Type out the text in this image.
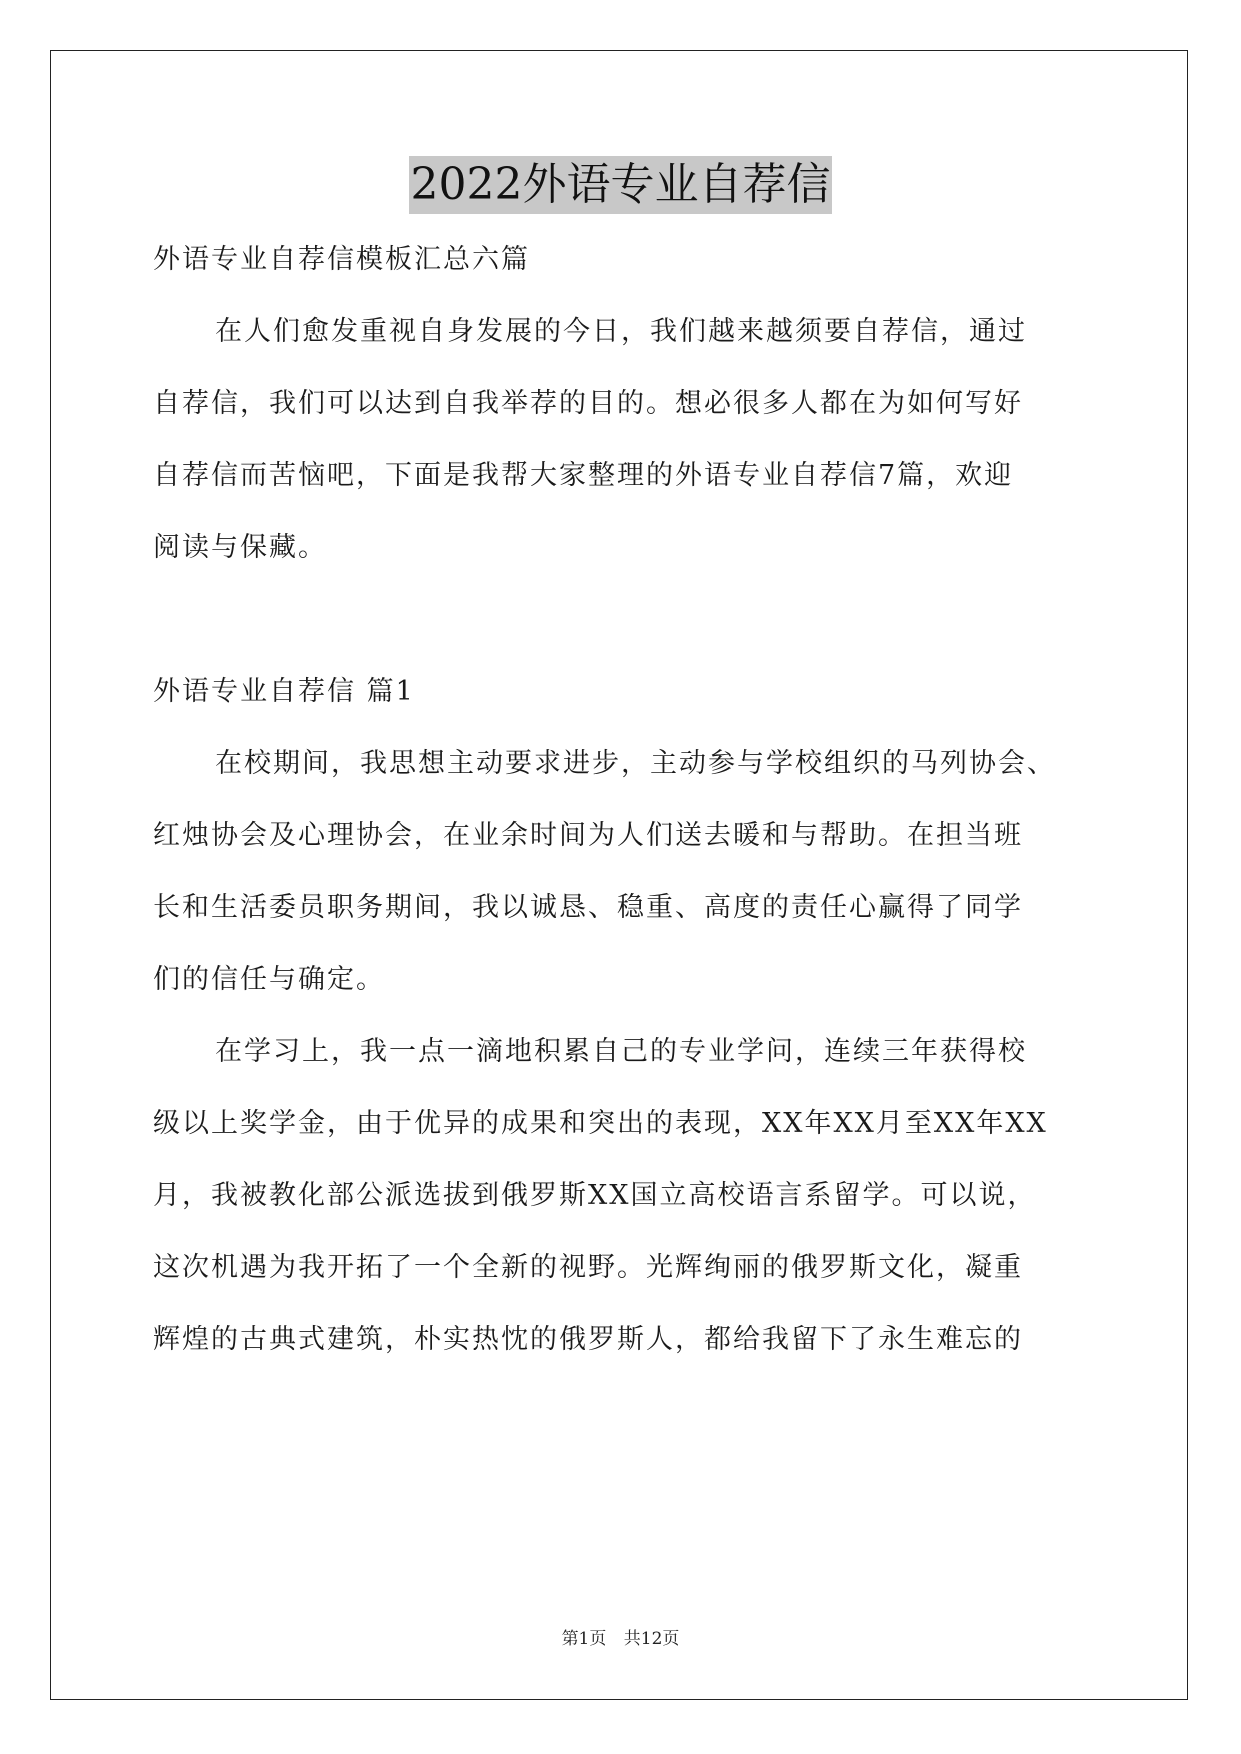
2022外语专业自荐信
外语专业自荐信模板汇总六篇
在人们愈发重视自身发展的今日，我们越来越须要自荐信，通过
自荐信，我们可以达到自我举荐的目的。想必很多人都在为如何写好
自荐信而苦恼吧，下面是我帮大家整理的外语专业自荐信7篇，欢迎
阅读与保藏。
外语专业自荐信 篇1
在校期间，我思想主动要求进步，主动参与学校组织的马列协会、
红烛协会及心理协会，在业余时间为人们送去暖和与帮助。在担当班
长和生活委员职务期间，我以诚恳、稳重、高度的责任心赢得了同学
们的信任与确定。
在学习上，我一点一滴地积累自己的专业学问，连续三年获得校
级以上奖学金，由于优异的成果和突出的表现，XX年XX月至XX年XX
月，我被教化部公派选拔到俄罗斯XX国立高校语言系留学。可以说，
这次机遇为我开拓了一个全新的视野。光辉绚丽的俄罗斯文化，凝重
辉煌的古典式建筑，朴实热忱的俄罗斯人，都给我留下了永生难忘的
第1页 共12页
